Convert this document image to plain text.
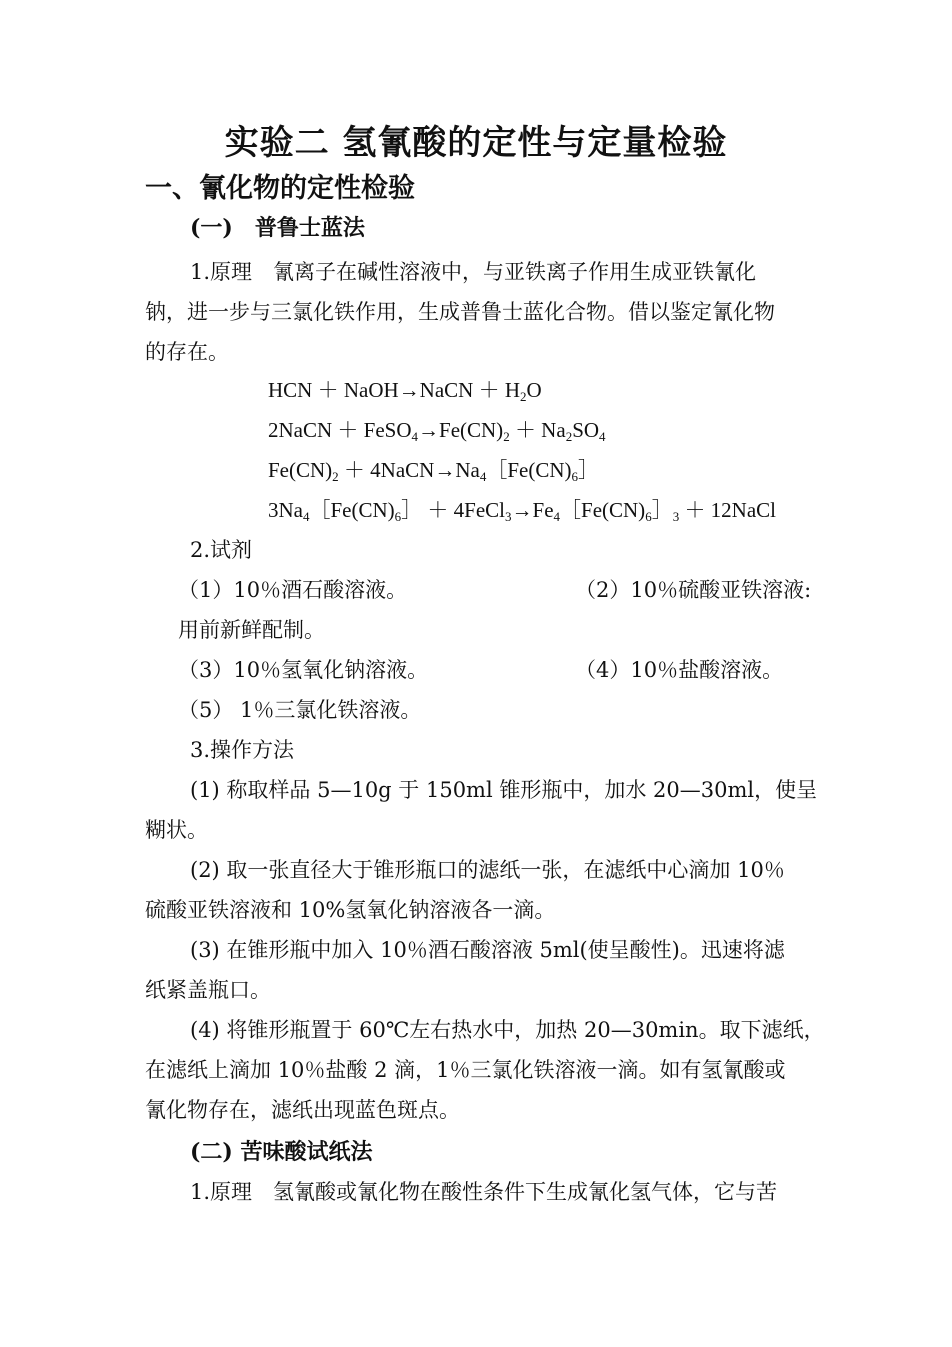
实验二 氢氰酸的定性与定量检验
一、氰化物的定性检验
(一)　普鲁士蓝法
1.原理　氰离子在碱性溶液中，与亚铁离子作用生成亚铁氰化
钠，进一步与三氯化铁作用，生成普鲁士蓝化合物。借以鉴定氰化物
的存在。
HCN ＋ NaOH→NaCN ＋ $H_2O$
2NaCN ＋ $FeSO_4\to Fe(CN)_2 + Na_2SO_4$
$Fe(CN)_2$ ＋ $4NaCN\to Na_4[Fe(CN)_6]$
$3Na_4[Fe(CN)_6]$ ＋ $4FeCl_3\to Fe_4[Fe(CN)_6]_3$ ＋ 12NaCl
2.试剂
（1）10％酒石酸溶液。	（2）10％硫酸亚铁溶液:
用前新鲜配制。
（3）10％氢氧化钠溶液。	（4）10％盐酸溶液。
（5） 1％三氯化铁溶液。
3.操作方法
(1) 称取样品 5—10g 于 150ml 锥形瓶中，加水 20—30ml，使呈
糊状。
(2) 取一张直径大于锥形瓶口的滤纸一张，在滤纸中心滴加 10％
硫酸亚铁溶液和 10%氢氧化钠溶液各一滴。
(3) 在锥形瓶中加入 10％酒石酸溶液 5ml(使呈酸性)。迅速将滤
纸紧盖瓶口。
(4) 将锥形瓶置于 60℃左右热水中，加热 20—30min。取下滤纸，
在滤纸上滴加 10％盐酸 2 滴，1％三氯化铁溶液一滴。如有氢氰酸或
氰化物存在，滤纸出现蓝色斑点。
(二) 苦味酸试纸法
1.原理　氢氰酸或氰化物在酸性条件下生成氰化氢气体，它与苦
